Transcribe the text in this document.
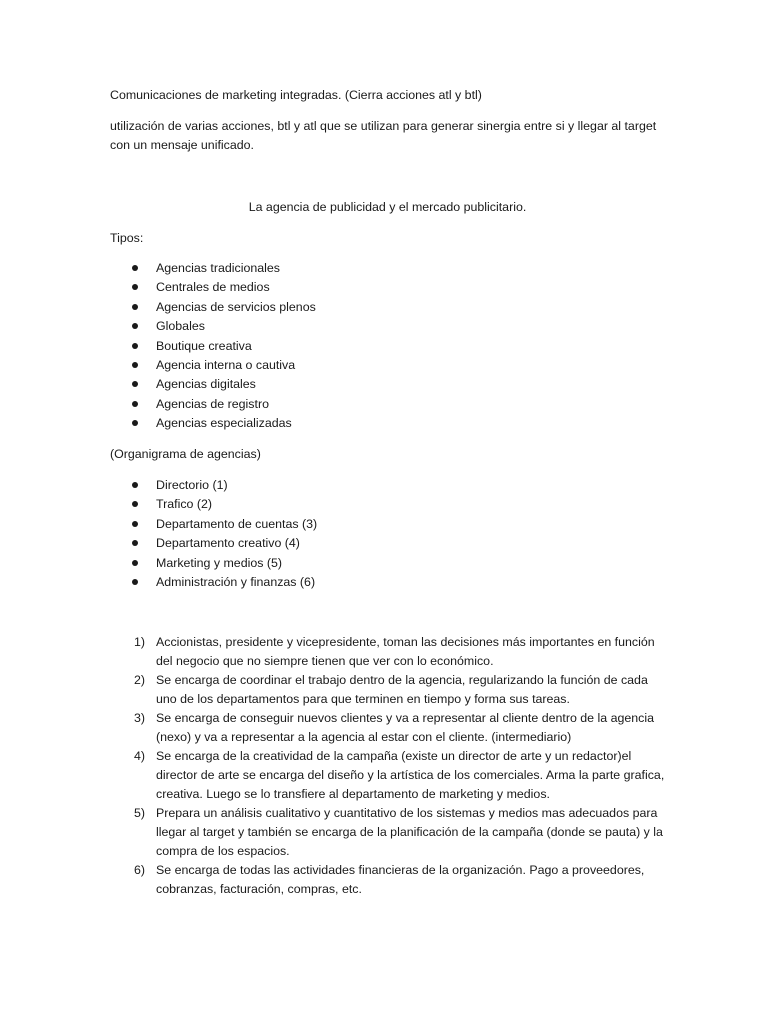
Comunicaciones de marketing integradas. (Cierra acciones atl y btl)

utilización de varias acciones, btl y atl que se utilizan para generar sinergia entre si y llegar al target con un mensaje unificado.

La agencia de publicidad y el mercado publicitario.

Tipos:

Agencias tradicionales
Centrales de medios
Agencias de servicios plenos
Globales
Boutique creativa
Agencia interna o cautiva
Agencias digitales
Agencias de registro
Agencias especializadas

(Organigrama de agencias)

Directorio (1)
Trafico (2)
Departamento de cuentas (3)
Departamento creativo (4)
Marketing y medios (5)
Administración y finanzas (6)
1) Accionistas, presidente y vicepresidente, toman las decisiones más importantes en función del negocio que no siempre tienen que ver con lo económico.
2) Se encarga de coordinar el trabajo dentro de la agencia, regularizando la función de cada uno de los departamentos para que terminen en tiempo y forma sus tareas.
3) Se encarga de conseguir nuevos clientes y va a representar al cliente dentro de la agencia (nexo) y va a representar a la agencia al estar con el cliente. (intermediario)
4) Se encarga de la creatividad de la campaña (existe un director de arte y un redactor)el director de arte se encarga del diseño y la artística de los comerciales. Arma la parte grafica, creativa. Luego se lo transfiere al departamento de marketing y medios.
5) Prepara un análisis cualitativo y cuantitativo de los sistemas y medios mas adecuados para llegar al target y también se encarga de la planificación de la campaña (donde se pauta) y la compra de los espacios.
6) Se encarga de todas las actividades financieras de la organización. Pago a proveedores, cobranzas, facturación, compras, etc.
